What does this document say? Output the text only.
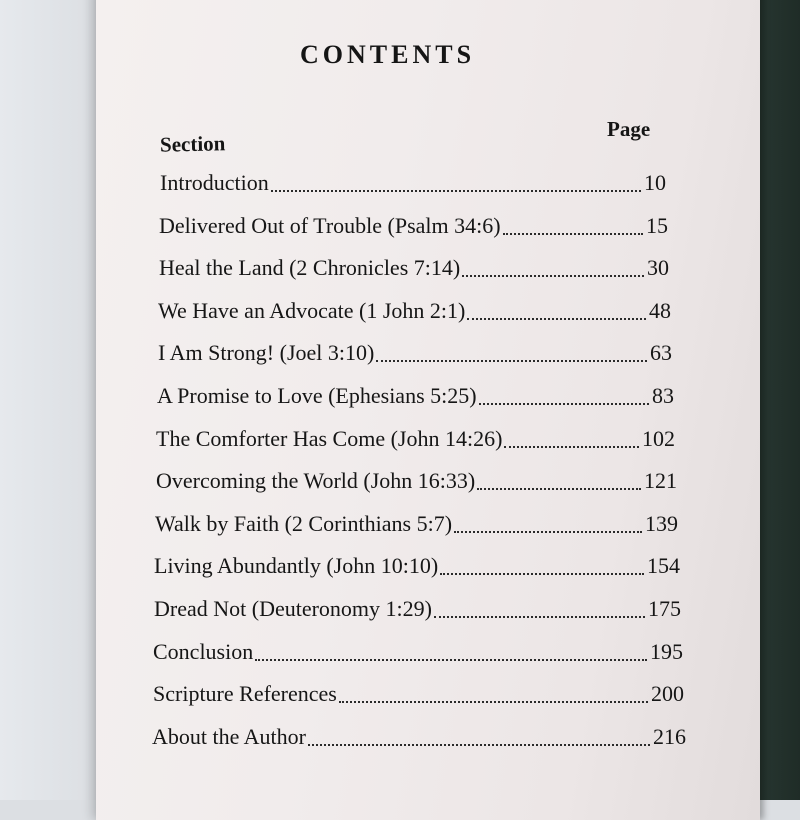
CONTENTS
Section
Page
Introduction	10
Delivered Out of Trouble (Psalm 34:6)	15
Heal the Land (2 Chronicles 7:14)	30
We Have an Advocate (1 John 2:1)	48
I Am Strong! (Joel 3:10)	63
A Promise to Love (Ephesians 5:25)	83
The Comforter Has Come (John 14:26)	102
Overcoming the World (John 16:33)	121
Walk by Faith (2 Corinthians 5:7)	139
Living Abundantly (John 10:10)	154
Dread Not (Deuteronomy 1:29)	175
Conclusion	195
Scripture References	200
About the Author	216
